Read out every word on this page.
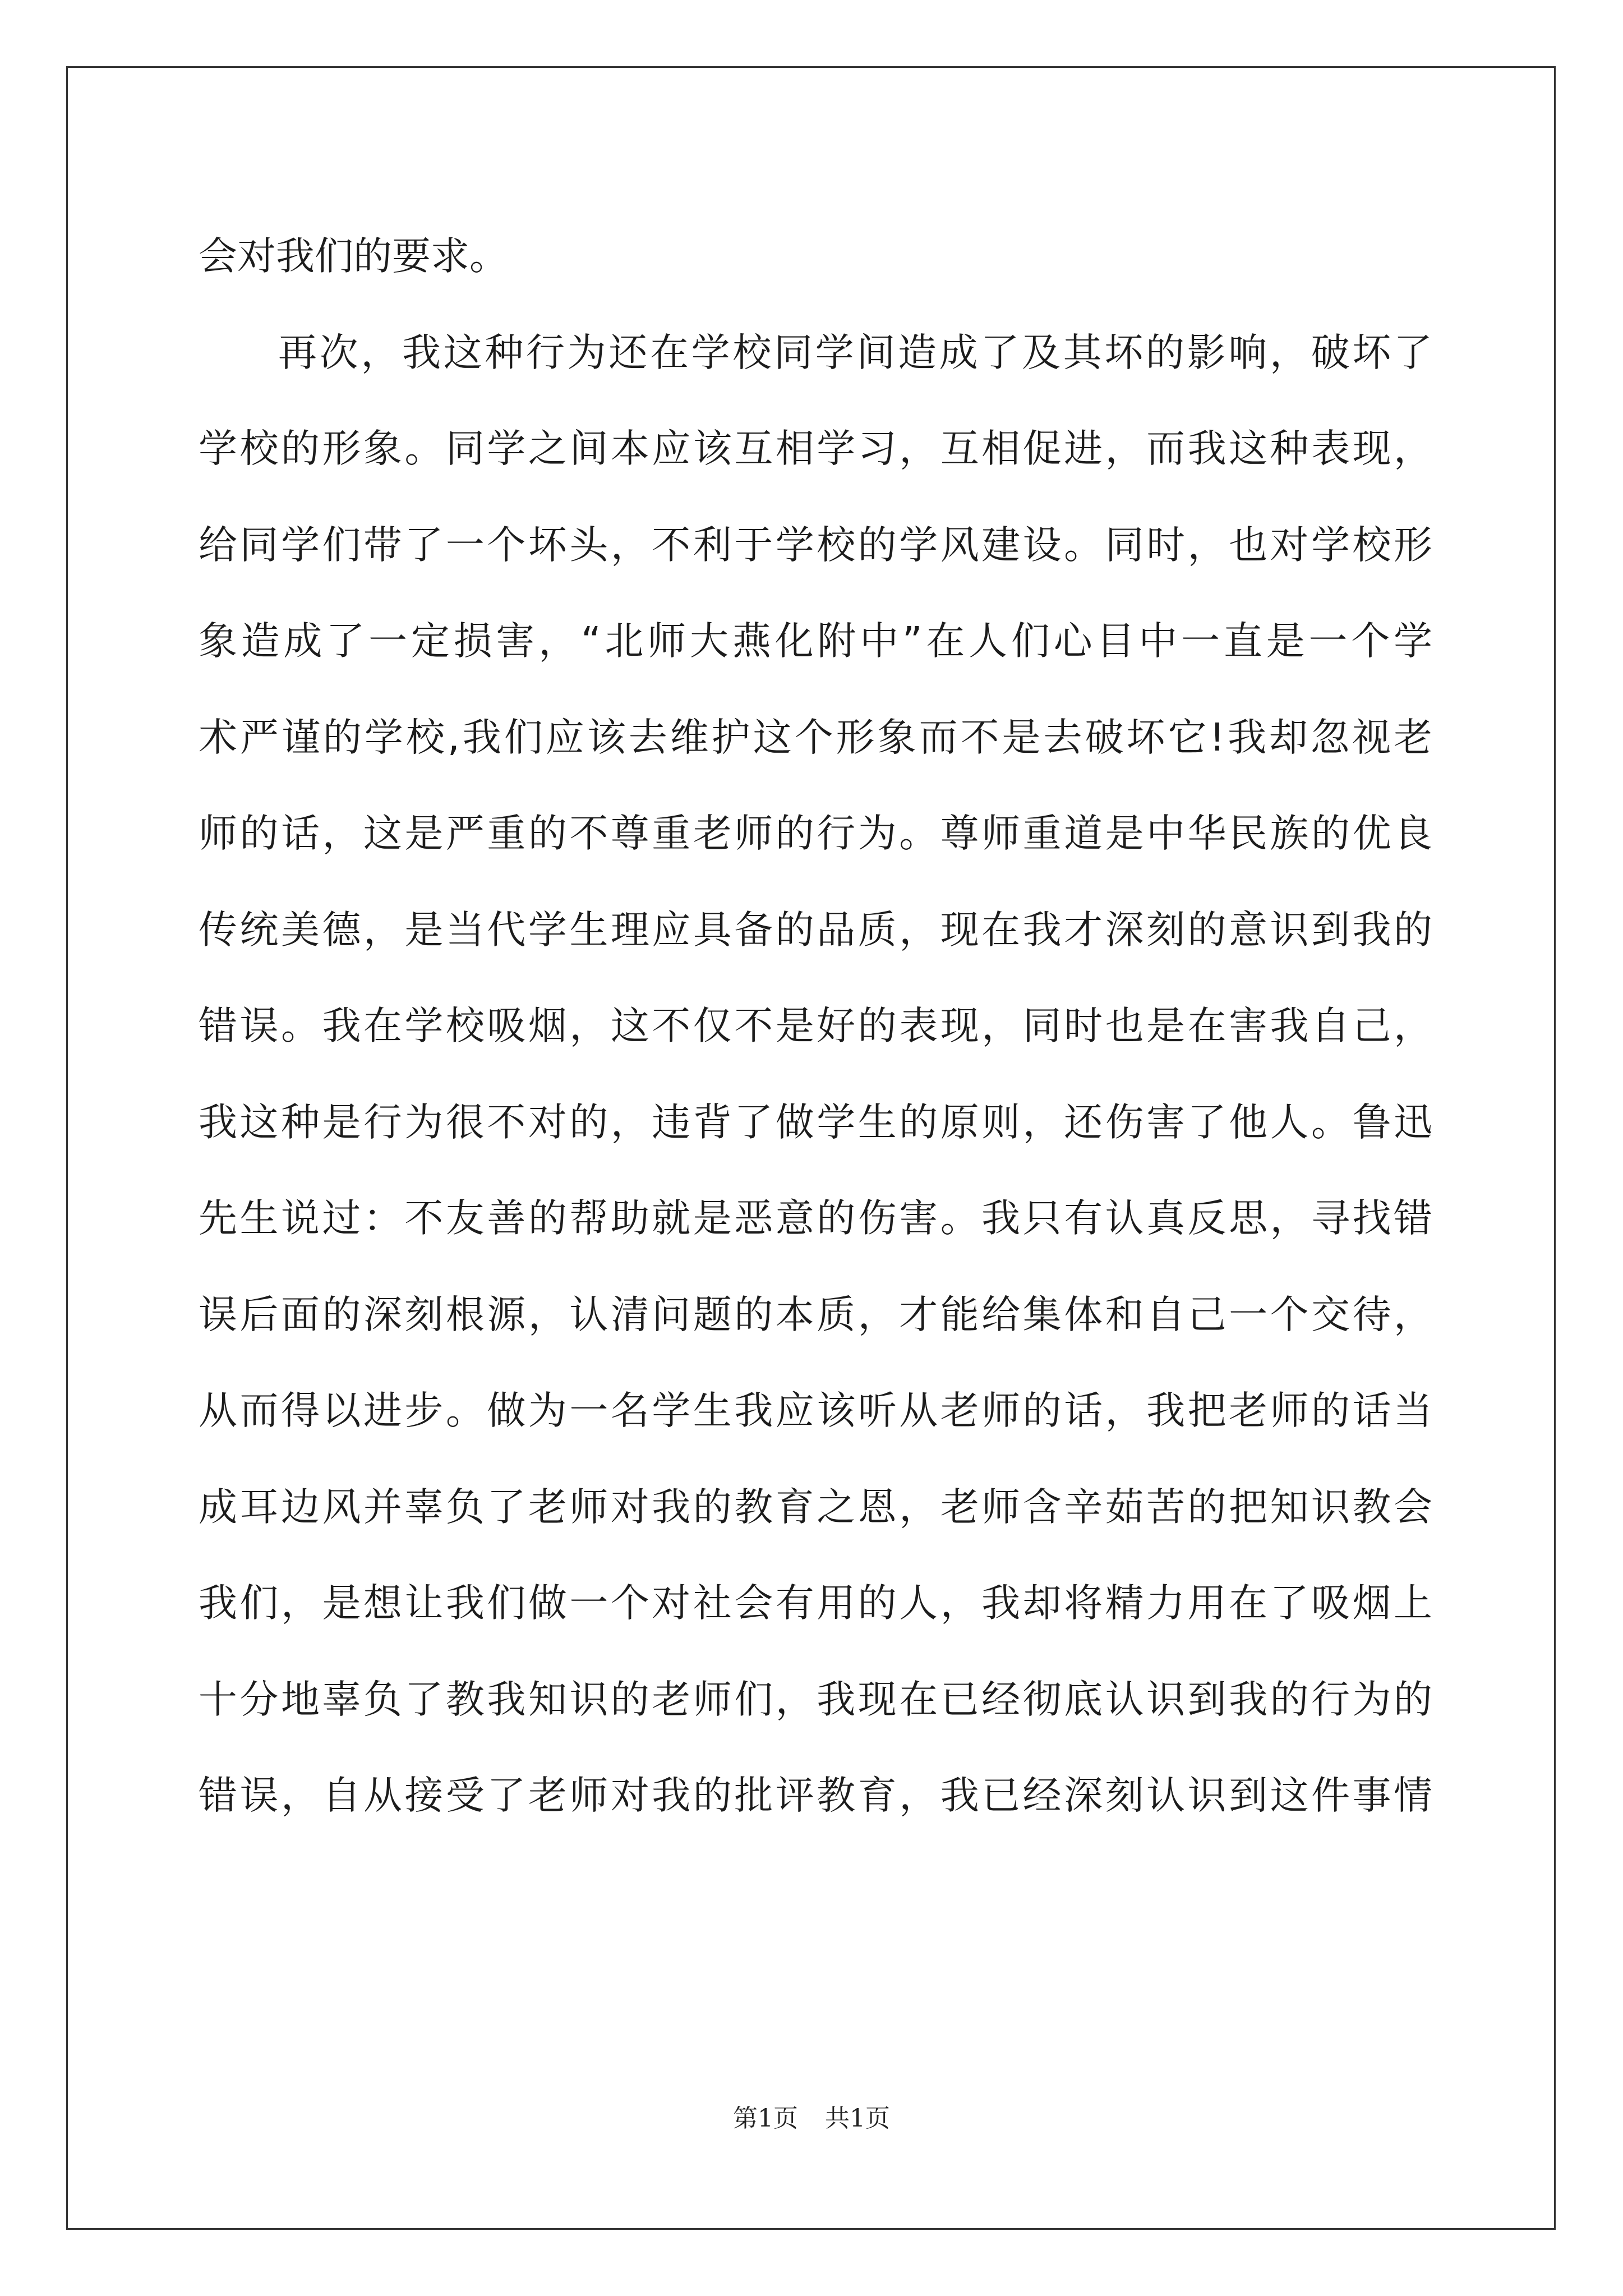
会对我们的要求。
再次，我这种行为还在学校同学间造成了及其坏的影响，破坏了
学校的形象。同学之间本应该互相学习，互相促进，而我这种表现，
给同学们带了一个坏头，不利于学校的学风建设。同时，也对学校形
象造成了一定损害，“北师大燕化附中”在人们心目中一直是一个学
术严谨的学校,我们应该去维护这个形象而不是去破坏它!我却忽视老
师的话，这是严重的不尊重老师的行为。尊师重道是中华民族的优良
传统美德，是当代学生理应具备的品质，现在我才深刻的意识到我的
错误。我在学校吸烟，这不仅不是好的表现，同时也是在害我自己，
我这种是行为很不对的，违背了做学生的原则，还伤害了他人。鲁迅
先生说过：不友善的帮助就是恶意的伤害。我只有认真反思，寻找错
误后面的深刻根源，认清问题的本质，才能给集体和自己一个交待，
从而得以进步。做为一名学生我应该听从老师的话，我把老师的话当
成耳边风并辜负了老师对我的教育之恩，老师含辛茹苦的把知识教会
我们，是想让我们做一个对社会有用的人，我却将精力用在了吸烟上
十分地辜负了教我知识的老师们，我现在已经彻底认识到我的行为的
错误，自从接受了老师对我的批评教育，我已经深刻认识到这件事情
第1页 共1页
